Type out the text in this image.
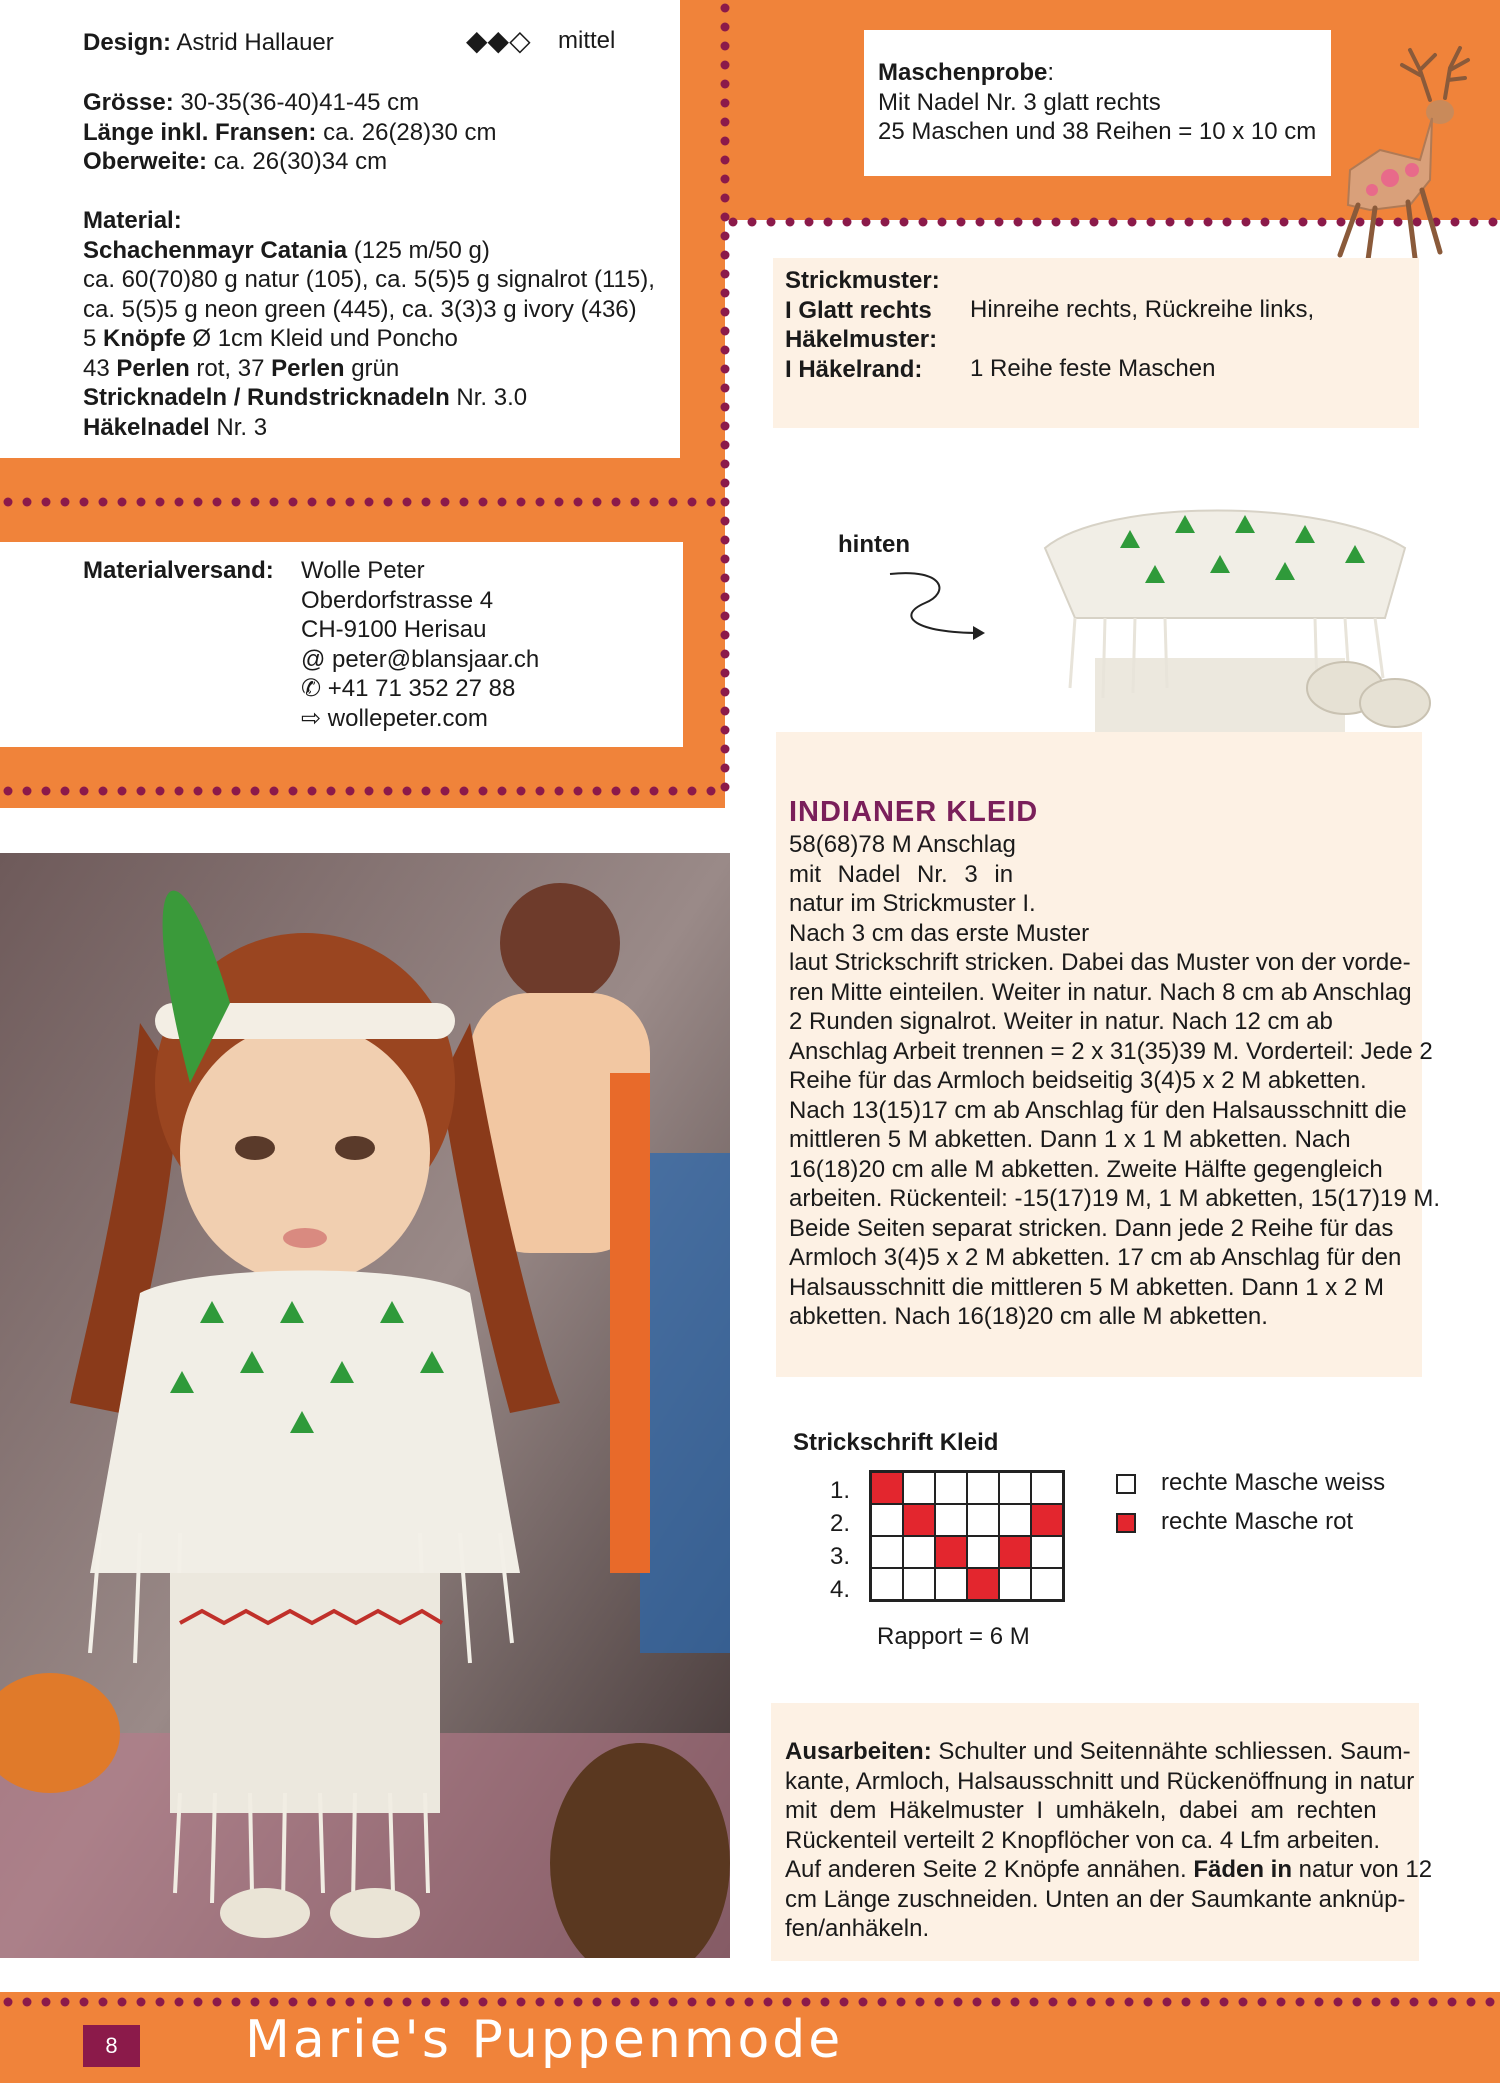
Design: Astrid Hallauer	◆◆◇ mittel
Grösse: 30-35(36-40)41-45 cm
Länge inkl. Fransen: ca. 26(28)30 cm
Oberweite: ca. 26(30)34 cm
Material:
Schachenmayr Catania (125 m/50 g)
ca. 60(70)80 g natur (105), ca. 5(5)5 g signalrot (115),
ca. 5(5)5 g neon green (445), ca. 3(3)3 g ivory (436)
5 Knöpfe Ø 1cm Kleid und Poncho
43 Perlen rot, 37 Perlen grün
Stricknadeln / Rundstricknadeln Nr. 3.0
Häkelnadel Nr. 3
Materialversand: Wolle Peter
Oberdorfstrasse 4
CH-9100 Herisau
@ peter@blansjaar.ch
✆ +41 71 352 27 88
⇨ wollepeter.com
Maschenprobe:
Mit Nadel Nr. 3 glatt rechts
25 Maschen und 38 Reihen = 10 x 10 cm
Strickmuster:
I Glatt rechts
Häkelmuster:
I Häkelrand:
Hinreihe rechts, Rückreihe links,
1 Reihe feste Maschen
hinten
INDIANER KLEID
58(68)78 M Anschlag
mit Nadel Nr. 3 in
natur im Strickmuster I.
Nach 3 cm das erste Muster
laut Strickschrift stricken. Dabei das Muster von der vorde-
ren Mitte einteilen. Weiter in natur. Nach 8 cm ab Anschlag
2 Runden signalrot. Weiter in natur. Nach 12 cm ab
Anschlag Arbeit trennen = 2 x 31(35)39 M. Vorderteil: Jede 2
Reihe für das Armloch beidseitig 3(4)5 x 2 M abketten.
Nach 13(15)17 cm ab Anschlag für den Halsausschnitt die
mittleren 5 M abketten. Dann 1 x 1 M abketten. Nach
16(18)20 cm alle M abketten. Zweite Hälfte gegengleich
arbeiten. Rückenteil: -15(17)19 M, 1 M abketten, 15(17)19 M.
Beide Seiten separat stricken. Dann jede 2 Reihe für das
Armloch 3(4)5 x 2 M abketten. 17 cm ab Anschlag für den
Halsausschnitt die mittleren 5 M abketten. Dann 1 x 2 M
abketten. Nach 16(18)20 cm alle M abketten.
Strickschrift Kleid
1.
2.
3.
4.
Rapport = 6 M
rechte Masche weiss
rechte Masche rot
Ausarbeiten: Schulter und Seitennähte schliessen. Saum-
kante, Armloch, Halsausschnitt und Rückenöffnung in natur
mit dem Häkelmuster I umhäkeln, dabei am rechten
Rückenteil verteilt 2 Knopflöcher von ca. 4 Lfm arbeiten.
Auf anderen Seite 2 Knöpfe annähen. Fäden in natur von 12
cm Länge zuschneiden. Unten an der Saumkante anknüp-
fen/anhäkeln.
8	Marie's Puppenmode
